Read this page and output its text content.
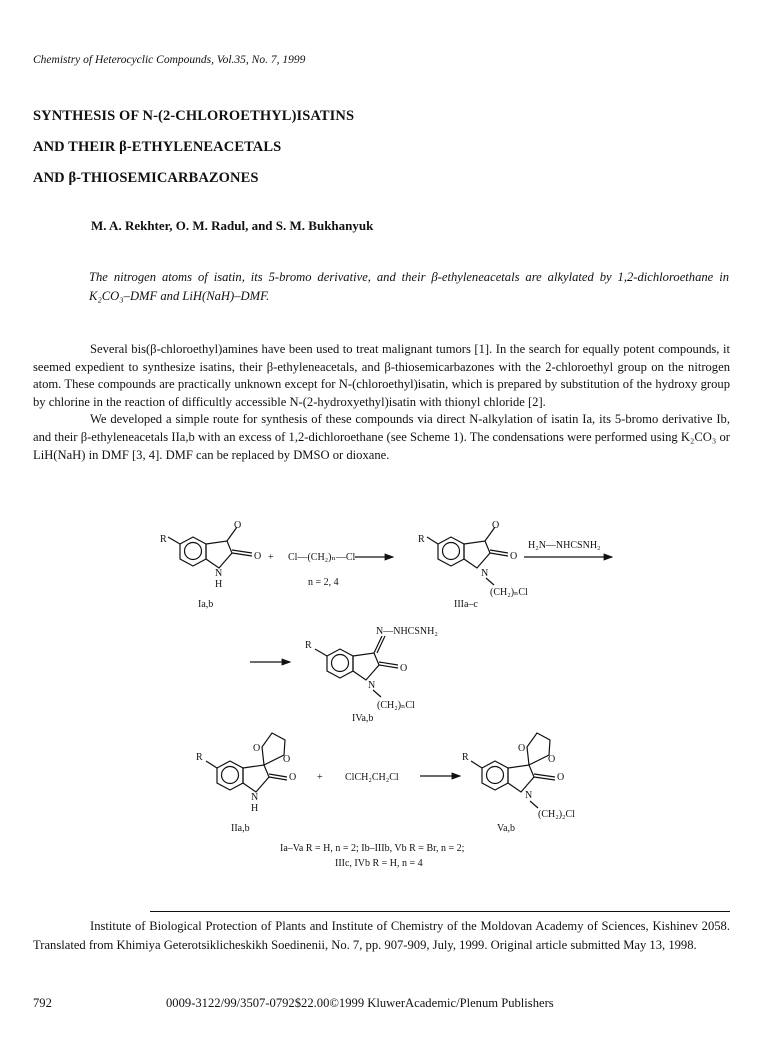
Chemistry of Heterocyclic Compounds, Vol.35, No. 7, 1999
SYNTHESIS OF N-(2-CHLOROETHYL)ISATINS
AND THEIR β-ETHYLENEACETALS
AND β-THIOSEMICARBAZONES
M. A. Rekhter, O. M. Radul, and S. M. Bukhanyuk
The nitrogen atoms of isatin, its 5-bromo derivative, and their β-ethyleneacetals are alkylated by 1,2-dichloroethane in K₂CO₃–DMF and LiH(NaH)–DMF.

Several bis(β-chloroethyl)amines have been used to treat malignant tumors [1]. In the search for equally potent compounds, it seemed expedient to synthesize isatins, their β-ethyleneacetals, and β-thiosemicarbazones with the 2-chloroethyl group on the nitrogen atom. These compounds are practically unknown except for N-(chloroethyl)isatin, which is prepared by substitution of the hydroxy group by chlorine in the reaction of difficultly accessible N-(2-hydroxyethyl)isatin with thionyl chloride [2].

We developed a simple route for synthesis of these compounds via direct N-alkylation of isatin Ia, its 5-bromo derivative Ib, and their β-ethyleneacetals IIa,b with an excess of 1,2-dichloroethane (see Scheme 1). The condensations were performed using K₂CO₃ or LiH(NaH) in DMF [3, 4]. DMF can be replaced by DMSO or dioxane.

R
O
O
N
H
Ia,b
+ Cl—(CH₂)ₙ—Cl
n = 2, 4
R
O
O
N
(CH₂)ₙCl
IIIa–c
H₂N—NHCSNH₂
N—NHCSNH₂
R
O
N
(CH₂)ₙCl
IVa,b
R
O
O
O
N
H
IIa,b
+ ClCH₂CH₂Cl
R
O
O
O
N
(CH₂)₂Cl
Va,b
Ia–Va R = H, n = 2; Ib–IIIb, Vb R = Br, n = 2;
IIIc, IVb R = H, n = 4
Institute of Biological Protection of Plants and Institute of Chemistry of the Moldovan Academy of Sciences, Kishinev 2058. Translated from Khimiya Geterotsiklicheskikh Soedinenii, No. 7, pp. 907-909, July, 1999. Original article submitted May 13, 1998.
792	0009-3122/99/3507-0792$22.00©1999 KluwerAcademic/Plenum Publishers
